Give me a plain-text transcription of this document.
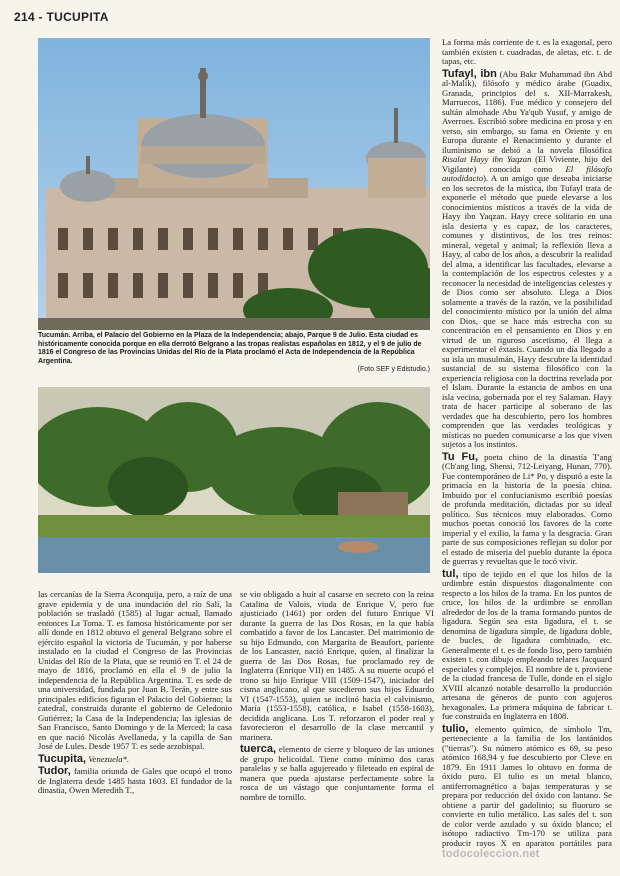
214 - TUCUPITA
Tucumán. Arriba, el Palacio del Gobierno en la Plaza de la Independencia; abajo, Parque 9 de Julio. Esta ciudad es históricamente conocida porque en ella derrotó Belgrano a las tropas realistas españolas en 1812, y el 9 de julio de 1816 el Congreso de las Provincias Unidas del Río de la Plata proclamó el Acta de Independencia de la República Argentina.
(Foto SEF y Edistudio.)

las cercanías de la Sierra Aconquija, pero, a raíz de una grave epidemia y de una inundación del río Salí, la población se trasladó (1585) al lugar actual, llamado entonces La Toma. T. es famosa históricamente por ser allí donde en 1812 obtuvo el general Belgrano sobre el ejército español la victoria de Tucumán, y por haberse instalado en la ciudad el Congreso de las Provincias Unidas del Río de la Plata, que se reunió en T. el 24 de mayo de 1816, proclamó en ella el 9 de julio la independencia de la República Argentina. T. es sede de una universidad, fundada por Juan B. Terán, y entre sus principales edificios figuran el Palacio del Gobierno; la catedral, construida durante el gobierno de Celedonio Gutiérrez; la Casa de la Independencia; las iglesias de San Francisco, Santo Domingo y de la Merced; la casa en que nació Nicolás Avellaneda, y la capilla de San José de Lules. Desde 1957 T. es sede arzobispal.

Tucupita, Venezuela*.

Tudor, familia oriunda de Gales que ocupó el trono de Inglaterra desde 1485 hasta 1603. El fundador de la dinastía, Owen Meredith T.,

se vio obligado a huir al casarse en secreto con la reina Catalina de Valois, viuda de Enrique V, pero fue ajusticiado (1461) por orden del futuro Enrique VI durante la guerra de las Dos Rosas, en la que había combatido a favor de los Lancaster. Del matrimonio de su hijo Edmundo, con Margarita de Beaufort, pariente de los Lancaster, nació Enrique, quien, al finalizar la guerra de las Dos Rosas, fue proclamado rey de Inglaterra (Enrique VII) en 1485. A su muerte ocupó el trono su hijo Enrique VIII (1509-1547), iniciador del cisma anglicano, al que sucedieron sus hijos Eduardo VI (1547-1553), quien se inclinó hacia el calvinismo, María (1553-1558), católica, e Isabel (1558-1603), decidida anglicana. Los T. reforzaron el poder real y favorecieron el desarrollo de la clase mercantil y marinera.

tuerca, elemento de cierre y bloqueo de las uniones de grupo helicoidal. Tiene como mínimo dos caras paralelas y se halla agujereado y fileteado en espiral de manera que pueda ajustarse perfectamente sobre la rosca de un vástago que conjuntamente forma el nombre de tornillo.

La forma más corriente de t. es la exagonal, pero también existen t. cuadradas, de aletas, etc. t. de tapas, etc.

Tufayl, ibn (Abu Bakr Muhammad ibn Abd al-Malik), filósofo y médico árabe (Guadix, Granada, principios del s. XII-Marrakesh, Marruecos, 1186). Fue médico y consejero del sultán almohade Abu Ya'qub Yusuf, y amigo de Averroes. Escribió sobre medicina en prosa y en verso, sin embargo, su fama en Oriente y en Europa durante el Renacimiento y durante el iluminismo se debió a la novela filosófica Risalat Hayy ibn Yaqzan (El Viviente, hijo del Vigilante) conocida como El filósofo autodidacto). A un amigo que deseaba iniciarse en los secretos de la mística, ibn Tufayl trata de exponerle el método que puede elevarse a los conocimientos místicos a través de la vida de Hayy ibn Yaqzan. Hayy crece solitario en una isla desierta y es capaz, de los caracteres, comunes y distintivos, de los tres reinos: mineral, vegetal y animal; la reflexión lleva a Hayy, al cabo de los años, a descubrir la realidad del alma, a identificar las facultades, elevarse a la contemplación de los espectros celestes y a reconocer la necesidad de inteligencias celestes y de Dios como ser absoluto. Llega a Dios solamente a través de la razón, ve la posibilidad del conocimiento místico por la unión del alma con Dios, que se hace más estrecha con su concentración en el pensamiento en Dios y en virtud de un riguroso ascetismo, él llega a experimentar el éxtasis. Cuando un día llegado a su isla un musulmán, Hayy descubre la identidad sustancial de su sistema filosófico con la experiencia religiosa con la doctrina revelada por el Islam. Durante la estancia de ambos en una isla vecina, gobernada por el rey Salaman. Hayy trata de hacer participe al soberano de las verdades que ha descubierto, pero los hombres comprenden que las verdades teológicas y místicas no pueden comunicarse a los que viven sujetos a los instintos.

Tu Fu, poeta chino de la dinastía T'ang (Ch'ang ling, Shensi, 712-Leiyang, Hunan, 770). Fue contemporáneo de Li* Po, y disputó a este la primacía en la historia de la poesía china. Imbuido por el confucianismo escribió poesías de profunda meditación, dictadas por su ideal político. Sus técnicos muy elaborados. Como muchos poetas conoció los favores de la corte imperial y el exilio, la fama y la desgracia. Gran parte de sus composiciones reflejan su dolor por el estado de miseria del pueblo durante la época de guerras y revueltas que le tocó vivir.

tul, tipo de tejido en el que los hilos de la urdimbre están dispuestos diagonalmente con respecto a los hilos de la trama. En los puntos de cruce, los hilos de la urdimbre se enrollan alrededor de los de la trama formando puntos de ligadura. Según sea esta ligadura, el t. se denomina de ligadura simple, de ligadura doble, de bucles, de ligadura combinado, etc. Generalmente el t. es de fondo liso, pero también existen t. con dibujo empleando telares Jacquard especiales y complejos. El nombre de t. proviene de la ciudad francesa de Tulle, donde en el siglo XVIII alcanzó notable desarrollo la producción artesana de géneros de punto con agujeros hexagonales. La primera máquina de fabricar t. fue construida en Inglaterra en 1808.

tulio, elemento químico, de símbolo Tm, perteneciente a la familia de los lantánidos ("tierras"). Su número atómico es 69, su peso atómico 168,94 y fue descubierto por Cleve en 1879. En 1911 James lo obtuvo en forma de óxido puro. El tulio es un metal blanco, antiferromagnético a bajas temperaturas y se prepara por reducción del óxido con lantano. Se obtiene a partir del gadolinio; su fluoruro se convierte en tulio metálico. Las sales del t. son de color verde azulado y su óxido blanco; el isótopo radiactivo Tm-170 se utiliza para producir rayos X en aparatos portátiles para

todocoleccion.net
